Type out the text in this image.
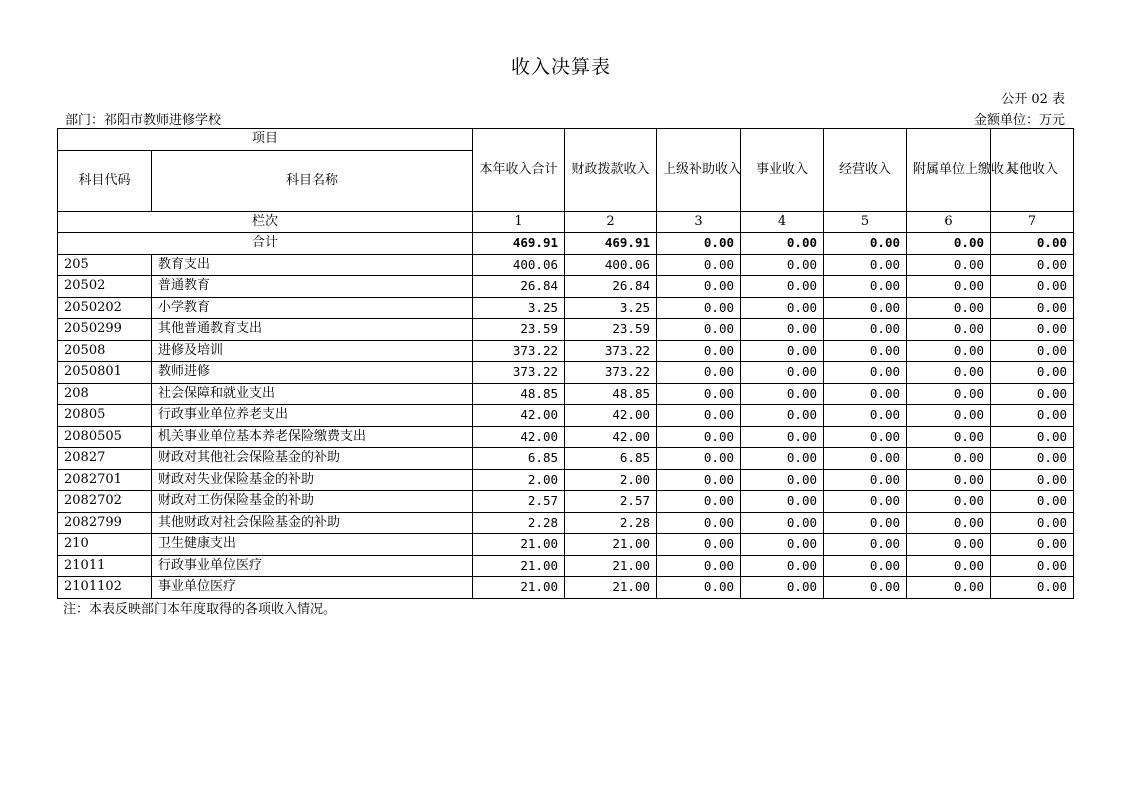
收入决算表
公开 02 表
部门：祁阳市教师进修学校	金额单位：万元
项目		本年收入合计	财政拨款收入	上级补助收入	事业收入	经营收入	附属单位上缴收入	其他收入
科目代码	科目名称							
栏次		1	2	3	4	5	6	7
合计		469.91	469.91	0.00	0.00	0.00	0.00	0.00
205	教育支出	400.06	400.06	0.00	0.00	0.00	0.00	0.00
20502	普通教育	26.84	26.84	0.00	0.00	0.00	0.00	0.00
2050202	小学教育	3.25	3.25	0.00	0.00	0.00	0.00	0.00
2050299	其他普通教育支出	23.59	23.59	0.00	0.00	0.00	0.00	0.00
20508	进修及培训	373.22	373.22	0.00	0.00	0.00	0.00	0.00
2050801	教师进修	373.22	373.22	0.00	0.00	0.00	0.00	0.00
208	社会保障和就业支出	48.85	48.85	0.00	0.00	0.00	0.00	0.00
20805	行政事业单位养老支出	42.00	42.00	0.00	0.00	0.00	0.00	0.00
2080505	机关事业单位基本养老保险缴费支出	42.00	42.00	0.00	0.00	0.00	0.00	0.00
20827	财政对其他社会保险基金的补助	6.85	6.85	0.00	0.00	0.00	0.00	0.00
2082701	财政对失业保险基金的补助	2.00	2.00	0.00	0.00	0.00	0.00	0.00
2082702	财政对工伤保险基金的补助	2.57	2.57	0.00	0.00	0.00	0.00	0.00
2082799	其他财政对社会保险基金的补助	2.28	2.28	0.00	0.00	0.00	0.00	0.00
210	卫生健康支出	21.00	21.00	0.00	0.00	0.00	0.00	0.00
21011	行政事业单位医疗	21.00	21.00	0.00	0.00	0.00	0.00	0.00
2101102	事业单位医疗	21.00	21.00	0.00	0.00	0.00	0.00	0.00
注：本表反映部门本年度取得的各项收入情况。
